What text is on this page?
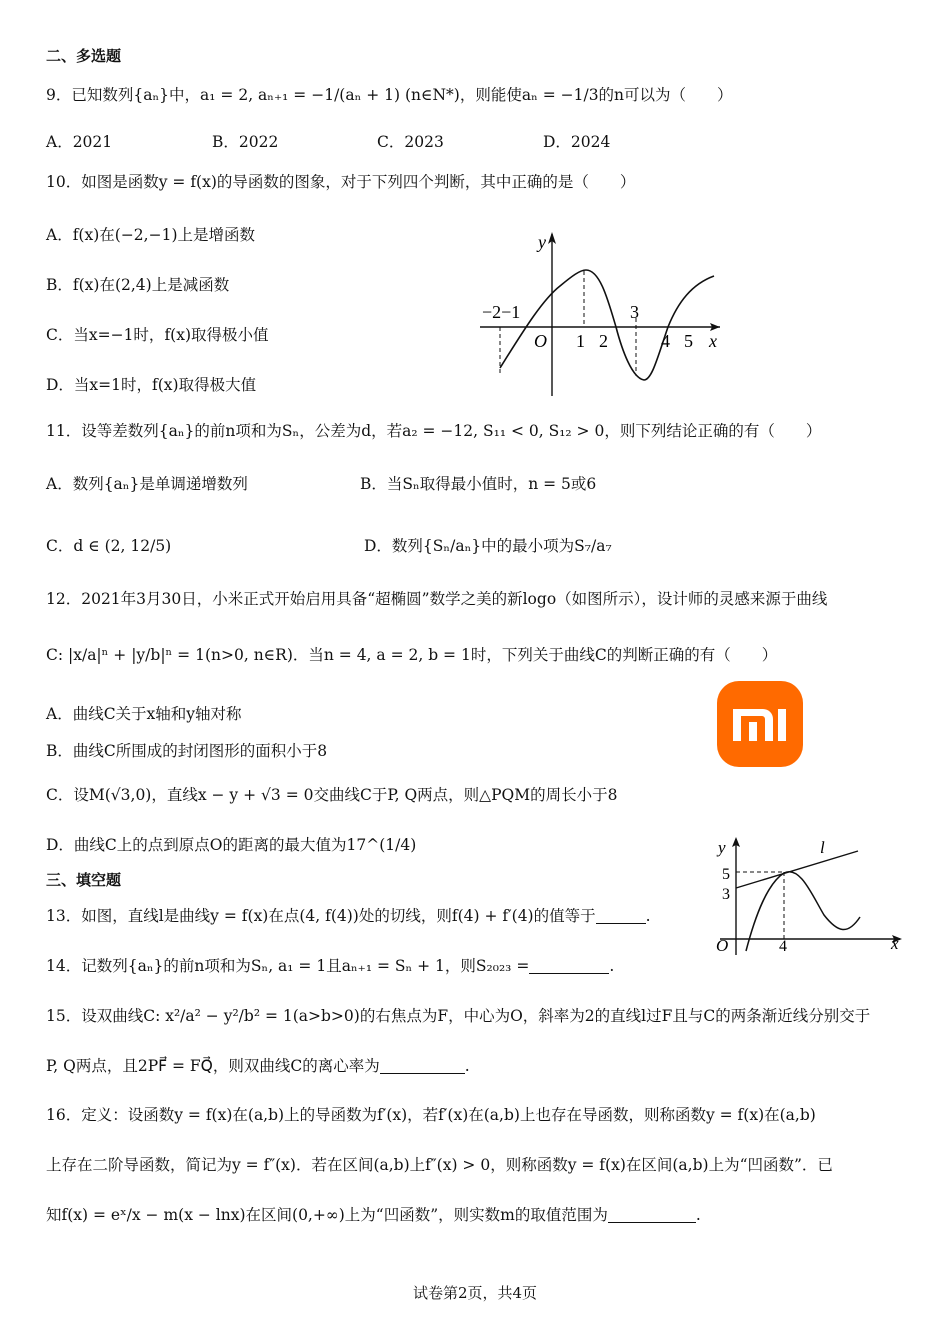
二、多选题
9．已知数列{aₙ}中，a₁ = 2, aₙ₊₁ = −1/(aₙ + 1) (n∈N*)，则能使aₙ = −1/3的n可以为（　　）
A．2021	B．2022	C．2023	D．2024
10．如图是函数y = f(x)的导函数的图象，对于下列四个判断，其中正确的是（　　）
A．f(x)在(−2,−1)上是增函数
B．f(x)在(2,4)上是减函数
C．当x=−1时，f(x)取得极小值
D．当x=1时，f(x)取得极大值
−2−1
O 1 2
3
4 5 x
y
11．设等差数列{aₙ}的前n项和为Sₙ，公差为d，若a₂ = −12, S₁₁ < 0, S₁₂ > 0，则下列结论正确的有（　　）
A．数列{aₙ}是单调递增数列	B．当Sₙ取得最小值时，n = 5或6
C．d ∈ (2, 12/5)	D．数列{Sₙ/aₙ}中的最小项为S₇/a₇
12．2021年3月30日，小米正式开始启用具备“超椭圆”数学之美的新logo（如图所示），设计师的灵感来源于曲线
C: |x/a|ⁿ + |y/b|ⁿ = 1(n>0, n∈R)．当n = 4, a = 2, b = 1时，下列关于曲线C的判断正确的有（　　）
A．曲线C关于x轴和y轴对称
B．曲线C所围成的封闭图形的面积小于8
C．设M(√3,0)，直线x − y + √3 = 0交曲线C于P, Q两点，则△PQM的周长小于8
D．曲线C上的点到原点O的距离的最大值为17^(1/4)
三、填空题
13．如图，直线l是曲线y = f(x)在点(4, f(4))处的切线，则f(4) + f′(4)的值等于	.
y	l
5
3
O	4	x
14．记数列{aₙ}的前n项和为Sₙ, a₁ = 1且aₙ₊₁ = Sₙ + 1，则S₂₀₂₃ =	.
15．设双曲线C: x²/a² − y²/b² = 1(a>b>0)的右焦点为F，中心为O，斜率为2的直线l过F且与C的两条渐近线分别交于
P, Q两点，且2PF⃗ = FQ⃗，则双曲线C的离心率为	.
16．定义：设函数y = f(x)在(a,b)上的导函数为f′(x)，若f′(x)在(a,b)上也存在导函数，则称函数y = f(x)在(a,b)
上存在二阶导函数，简记为y = f″(x)．若在区间(a,b)上f″(x) > 0，则称函数y = f(x)在区间(a,b)上为“凹函数”．已
知f(x) = eˣ/x − m(x − lnx)在区间(0,+∞)上为“凹函数”，则实数m的取值范围为	.
试卷第2页，共4页
